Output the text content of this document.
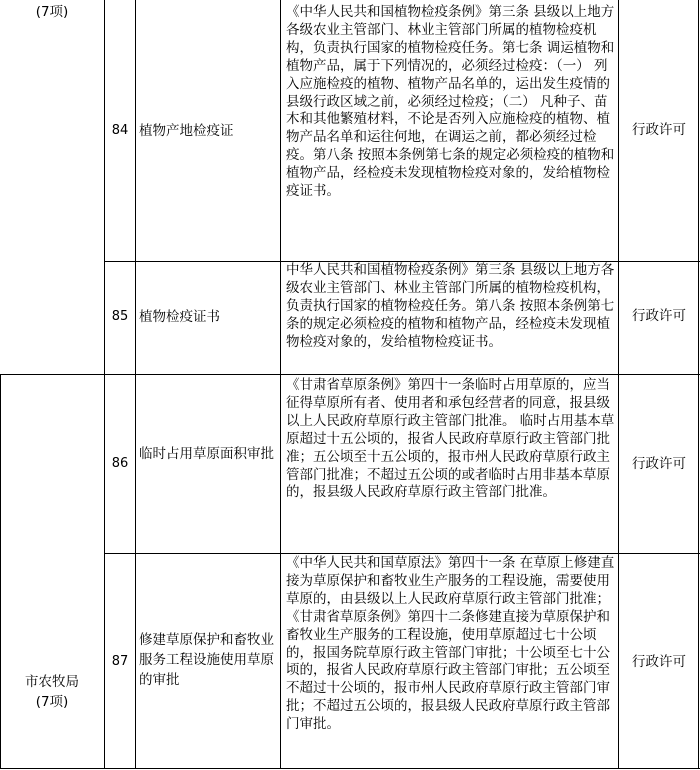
(7项)
市农牧局
(7项)
84 植物产地检疫证
《中华人民共和国植物检疫条例》第三条 县级以上地方各级农业主管部门、林业主管部门所属的植物检疫机构，负责执行国家的植物检疫任务。第七条 调运植物和植物产品，属于下列情况的，必须经过检疫：（一） 列入应施检疫的植物、植物产品名单的，运出发生疫情的县级行政区域之前，必须经过检疫；（二） 凡种子、苗木和其他繁殖材料，不论是否列入应施检疫的植物、植物产品名单和运往何地，在调运之前，都必须经过检疫。第八条 按照本条例第七条的规定必须检疫的植物和植物产品，经检疫未发现植物检疫对象的，发给植物检疫证书。
行政许可
85 植物检疫证书
中华人民共和国植物检疫条例》第三条 县级以上地方各级农业主管部门、林业主管部门所属的植物检疫机构，负责执行国家的植物检疫任务。第八条 按照本条例第七条的规定必须检疫的植物和植物产品，经检疫未发现植物检疫对象的，发给植物检疫证书。
行政许可
86
临时占用草原面积审批
《甘肃省草原条例》第四十一条临时占用草原的，应当征得草原所有者、使用者和承包经营者的同意，报县级以上人民政府草原行政主管部门批准。 临时占用基本草原超过十五公顷的，报省人民政府草原行政主管部门批准；五公顷至十五公顷的，报市州人民政府草原行政主管部门批准；不超过五公顷的或者临时占用非基本草原的，报县级人民政府草原行政主管部门批准。
行政许可
87
修建草原保护和畜牧业服务工程设施使用草原的审批
《中华人民共和国草原法》第四十一条 在草原上修建直接为草原保护和畜牧业生产服务的工程设施，需要使用草原的，由县级以上人民政府草原行政主管部门批准；《甘肃省草原条例》第四十二条修建直接为草原保护和畜牧业生产服务的工程设施，使用草原超过七十公顷的，报国务院草原行政主管部门审批；十公顷至七十公顷的，报省人民政府草原行政主管部门审批；五公顷至不超过十公顷的，报市州人民政府草原行政主管部门审批；不超过五公顷的，报县级人民政府草原行政主管部门审批。
行政许可
